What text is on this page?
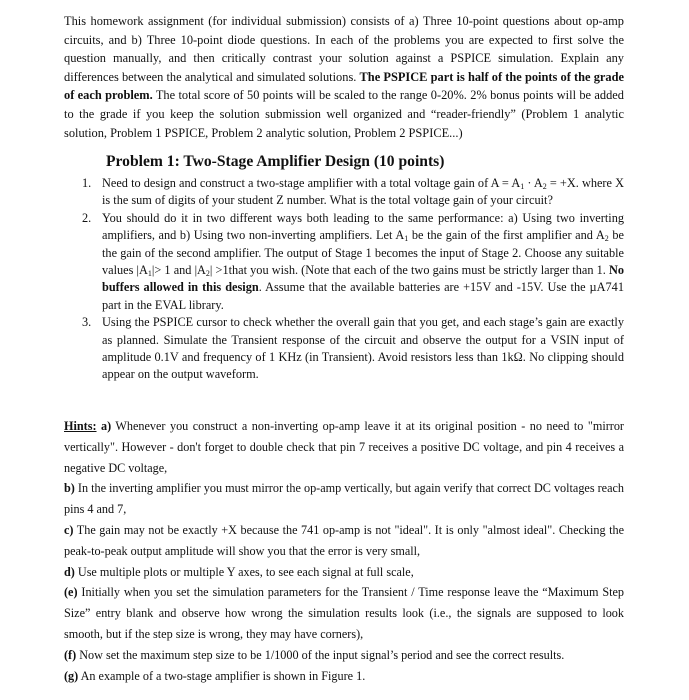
This homework assignment (for individual submission) consists of a) Three 10-point questions about op-amp circuits, and b) Three 10-point diode questions. In each of the problems you are expected to first solve the question manually, and then critically contrast your solution against a PSPICE simulation. Explain any differences between the analytical and simulated solutions. The PSPICE part is half of the points of the grade of each problem. The total score of 50 points will be scaled to the range 0-20%. 2% bonus points will be added to the grade if you keep the solution submission well organized and “reader-friendly” (Problem 1 analytic solution, Problem 1 PSPICE, Problem 2 analytic solution, Problem 2 PSPICE...)

Problem 1: Two-Stage Amplifier Design (10 points)
1. Need to design and construct a two-stage amplifier with a total voltage gain of $A = A_1 \cdot A_2 = +X$. where X is the sum of digits of your student Z number. What is the total voltage gain of your circuit?
2. You should do it in two different ways both leading to the same performance: a) Using two inverting amplifiers, and b) Using two non-inverting amplifiers. Let $A_1$ be the gain of the first amplifier and $A_2$ be the gain of the second amplifier. The output of Stage 1 becomes the input of Stage 2. Choose any suitable values $|A_1|> 1$ and $|A_2|$ >1that you wish. (Note that each of the two gains must be strictly larger than 1. No buffers allowed in this design. Assume that the available batteries are +15V and -15V. Use the µA741 part in the EVAL library.
3. Using the PSPICE cursor to check whether the overall gain that you get, and each stage’s gain are exactly as planned. Simulate the Transient response of the circuit and observe the output for a VSIN input of amplitude 0.1V and frequency of 1 KHz (in Transient). Avoid resistors less than 1kΩ. No clipping should appear on the output waveform.
Hints: a) Whenever you construct a non-inverting op-amp leave it at its original position - no need to "mirror vertically". However - don't forget to double check that pin 7 receives a positive DC voltage, and pin 4 receives a negative DC voltage,
b) In the inverting amplifier you must mirror the op-amp vertically, but again verify that correct DC voltages reach pins 4 and 7,
c) The gain may not be exactly +X because the 741 op-amp is not "ideal". It is only "almost ideal". Checking the peak-to-peak output amplitude will show you that the error is very small,
d) Use multiple plots or multiple Y axes, to see each signal at full scale,
(e) Initially when you set the simulation parameters for the Transient / Time response leave the “Maximum Step Size” entry blank and observe how wrong the simulation results look (i.e., the signals are supposed to look smooth, but if the step size is wrong, they may have corners),
(f) Now set the maximum step size to be 1/1000 of the input signal’s period and see the correct results.
(g) An example of a two-stage amplifier is shown in Figure 1.
